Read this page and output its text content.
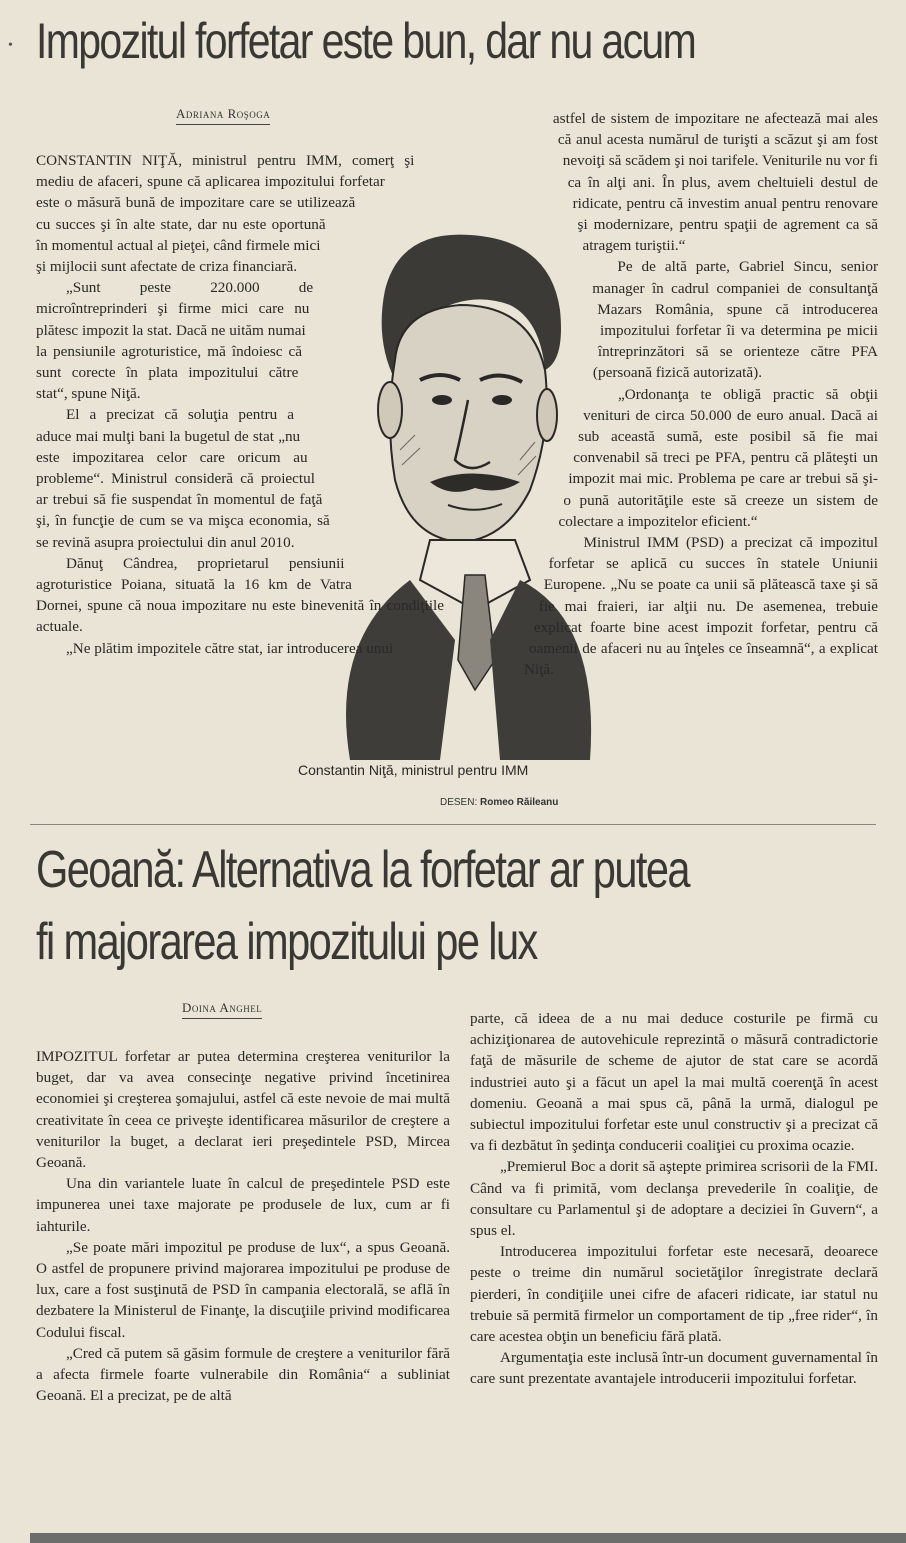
• Impozitul forfetar este bun, dar nu acum
Adriana Roşoga

CONSTANTIN NIŢĂ, ministrul pentru IMM, comerţ şi mediu de afaceri, spune că aplicarea impozitului forfetar este o măsură bună de impozitare care se utilizează cu succes şi în alte state, dar nu este oportună în momentul actual al pieţei, când firmele mici şi mijlocii sunt afectate de criza financiară.

„Sunt peste 220.000 de microîntreprinderi şi firme mici care nu plătesc impozit la stat. Dacă ne uităm numai la pensiunile agroturistice, mă îndoiesc că sunt corecte în plata impozitului către stat“, spune Niţă.

El a precizat că soluţia pentru a aduce mai mulţi bani la bugetul de stat „nu este impozitarea celor care oricum au probleme“. Ministrul consideră că proiectul ar trebui să fie suspendat în momentul de faţă şi, în funcţie de cum se va mişca economia, să se revină asupra proiectului din anul 2010.

Dănuţ Cândrea, proprietarul pensiunii agroturistice Poiana, situată la 16 km de Vatra Dornei, spune că noua impozitare nu este binevenită în condiţiile actuale.

„Ne plătim impozitele către stat, iar introducerea unui

astfel de sistem de impozitare ne afectează mai ales că anul acesta numărul de turişti a scăzut şi am fost nevoiţi să scădem şi noi tarifele. Veniturile nu vor fi ca în alţi ani. În plus, avem cheltuieli destul de ridicate, pentru că investim anual pentru renovare şi modernizare, pentru spaţii de agrement ca să atragem turiştii.“

Pe de altă parte, Gabriel Sincu, senior manager în cadrul companiei de consultanţă Mazars România, spune că introducerea impozitului forfetar îi va determina pe micii întreprinzători să se orienteze către PFA (persoană fizică autorizată).

„Ordonanţa te obligă practic să obţii venituri de circa 50.000 de euro anual. Dacă ai sub această sumă, este posibil să fie mai convenabil să treci pe PFA, pentru că plăteşti un impozit mai mic. Problema pe care ar trebui să şi-o pună autorităţile este să creeze un sistem de colectare a impozitelor eficient.“

Ministrul IMM (PSD) a precizat că impozitul forfetar se aplică cu succes în statele Uniunii Europene. „Nu se poate ca unii să plătească taxe şi să fie mai fraieri, iar alţii nu. De asemenea, trebuie explicat foarte bine acest impozit forfetar, pentru că oamenii de afaceri nu au înţeles ce înseamnă“, a explicat Niţă.

Constantin Niţă, ministrul pentru IMM
DESEN: Romeo Răileanu
Geoană: Alternativa la forfetar ar putea
fi majorarea impozitului pe lux
Doina Anghel

IMPOZITUL forfetar ar putea determina creşterea veniturilor la buget, dar va avea consecinţe negative privind încetinirea economiei şi creşterea şomajului, astfel că este nevoie de mai multă creativitate în ceea ce priveşte identificarea măsurilor de creştere a veniturilor la buget, a declarat ieri preşedintele PSD, Mircea Geoană.

Una din variantele luate în calcul de preşedintele PSD este impunerea unei taxe majorate pe produsele de lux, cum ar fi iahturile.

„Se poate mări impozitul pe produse de lux“, a spus Geoană. O astfel de propunere privind majorarea impozitului pe produse de lux, care a fost susţinută de PSD în campania electorală, se află în dezbatere la Ministerul de Finanţe, la discuţiile privind modificarea Codului fiscal.

„Cred că putem să găsim formule de creştere a veniturilor fără a afecta firmele foarte vulnerabile din România“ a subliniat Geoană. El a precizat, pe de altă

parte, că ideea de a nu mai deduce costurile pe firmă cu achiziţionarea de autovehicule reprezintă o măsură contradictorie faţă de măsurile de scheme de ajutor de stat care se acordă industriei auto şi a făcut un apel la mai multă coerenţă în acest domeniu. Geoană a mai spus că, până la urmă, dialogul pe subiectul impozitului forfetar este unul constructiv şi a precizat că va fi dezbătut în şedinţa conducerii coaliţiei cu proxima ocazie.

„Premierul Boc a dorit să aştepte primirea scrisorii de la FMI. Când va fi primită, vom declanşa prevederile în coaliţie, de consultare cu Parlamentul şi de adoptare a deciziei în Guvern“, a spus el.

Introducerea impozitului forfetar este necesară, deoarece peste o treime din numărul societăţilor înregistrate declară pierderi, în condiţiile unei cifre de afaceri ridicate, iar statul nu trebuie să permită firmelor un comportament de tip „free rider“, în care acestea obţin un beneficiu fără plată.

Argumentaţia este inclusă într-un document guvernamental în care sunt prezentate avantajele introducerii impozitului forfetar.
